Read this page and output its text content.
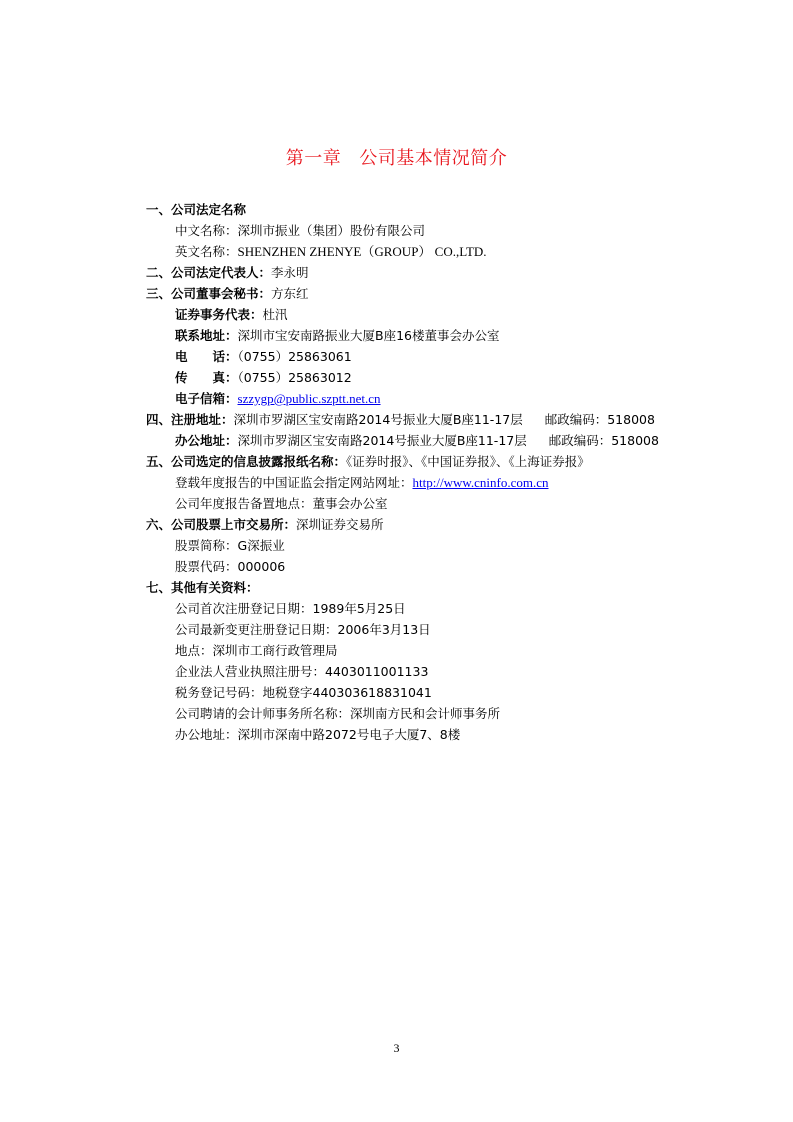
第一章 公司基本情况简介
一、公司法定名称
中文名称：深圳市振业（集团）股份有限公司
英文名称：SHENZHEN ZHENYE（GROUP） CO.,LTD.
二、公司法定代表人：李永明
三、公司董事会秘书：方东红
证券事务代表：杜汛
联系地址：深圳市宝安南路振业大厦B座16楼董事会办公室
电　　话：（0755）25863061
传　　真：（0755）25863012
电子信箱：szzygp@public.szptt.net.cn
四、注册地址：深圳市罗湖区宝安南路2014号振业大厦B座11-17层 邮政编码：518008
办公地址：深圳市罗湖区宝安南路2014号振业大厦B座11-17层 邮政编码：518008
五、公司选定的信息披露报纸名称：《证券时报》、《中国证券报》、《上海证券报》
登载年度报告的中国证监会指定网站网址：http://www.cninfo.com.cn
公司年度报告备置地点：董事会办公室
六、公司股票上市交易所：深圳证券交易所
股票简称：G深振业
股票代码：000006
七、其他有关资料：
公司首次注册登记日期：1989年5月25日
公司最新变更注册登记日期：2006年3月13日
地点：深圳市工商行政管理局
企业法人营业执照注册号：4403011001133
税务登记号码：地税登字440303618831041
公司聘请的会计师事务所名称：深圳南方民和会计师事务所
办公地址：深圳市深南中路2072号电子大厦7、8楼
3
